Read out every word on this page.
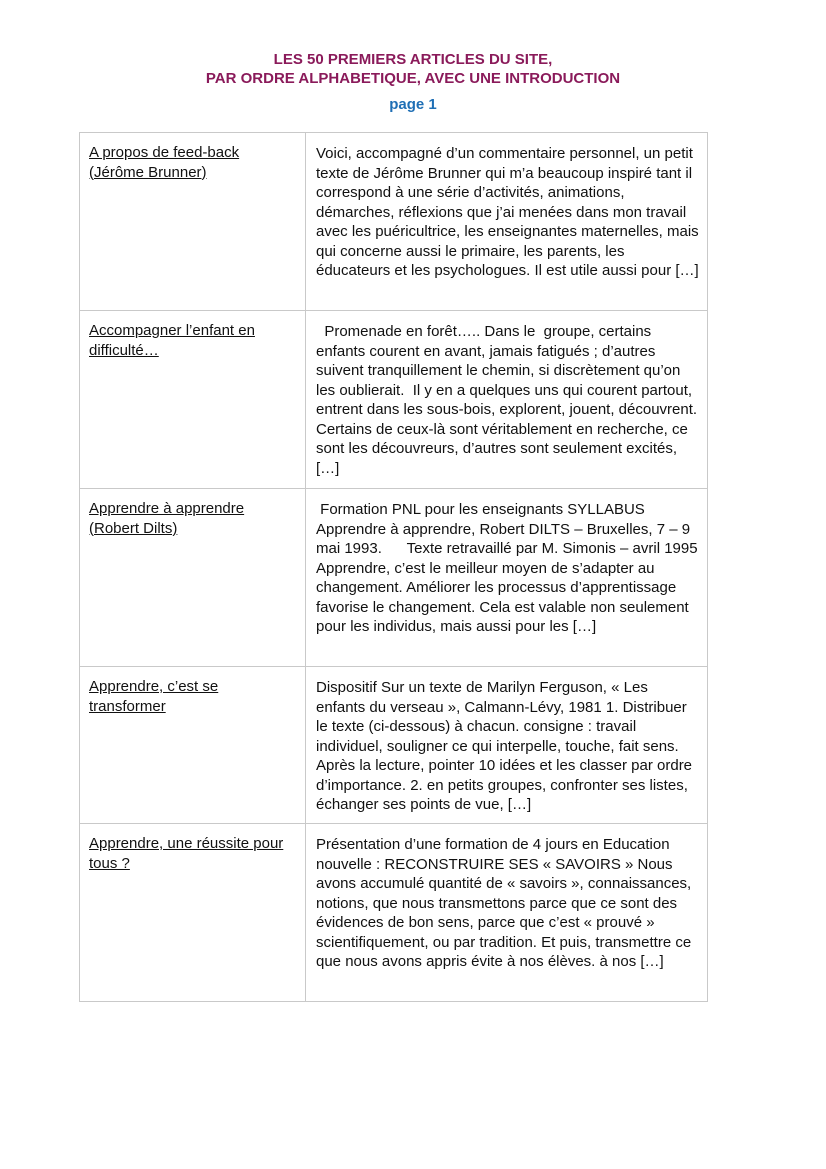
LES 50 PREMIERS ARTICLES DU SITE,
PAR ORDRE ALPHABETIQUE, AVEC UNE INTRODUCTION
page 1
A propos de feed-back (Jérôme Brunner)	Voici, accompagné d’un commentaire personnel, un petit texte de Jérôme Brunner qui m’a beaucoup inspiré tant il correspond à une série d’activités, animations, démarches, réflexions que j’ai menées dans mon travail avec les puéricultrice, les enseignantes maternelles, mais qui concerne aussi le primaire, les parents, les éducateurs et les psychologues. Il est utile aussi pour […]
Accompagner l’enfant en difficulté…	Promenade en forêt….. Dans le  groupe, certains enfants courent en avant, jamais fatigués ; d’autres suivent tranquillement le chemin, si discrètement qu’on les oublierait.  Il y en a quelques uns qui courent partout, entrent dans les sous-bois, explorent, jouent, découvrent. Certains de ceux-là sont véritablement en recherche, ce sont les découvreurs, d’autres sont seulement excités, […]
Apprendre à apprendre (Robert Dilts)	Formation PNL pour les enseignants SYLLABUS Apprendre à apprendre, Robert DILTS – Bruxelles, 7 – 9 mai 1993.      Texte retravaillé par M. Simonis – avril 1995 Apprendre, c’est le meilleur moyen de s’adapter au changement. Améliorer les processus d’apprentissage favorise le changement. Cela est valable non seulement pour les individus, mais aussi pour les […]
Apprendre, c’est se transformer	Dispositif Sur un texte de Marilyn Ferguson, « Les enfants du verseau », Calmann-Lévy, 1981 1. Distribuer le texte (ci-dessous) à chacun. consigne : travail individuel, souligner ce qui interpelle, touche, fait sens. Après la lecture, pointer 10 idées et les classer par ordre d’importance. 2. en petits groupes, confronter ses listes, échanger ses points de vue, […]
Apprendre, une réussite pour tous ?	Présentation d’une formation de 4 jours en Education nouvelle : RECONSTRUIRE SES « SAVOIRS » Nous avons accumulé quantité de « savoirs », connaissances, notions, que nous transmettons parce que ce sont des évidences de bon sens, parce que c’est « prouvé » scientifiquement, ou par tradition. Et puis, transmettre ce que nous avons appris évite à nos élèves. à nos […]
